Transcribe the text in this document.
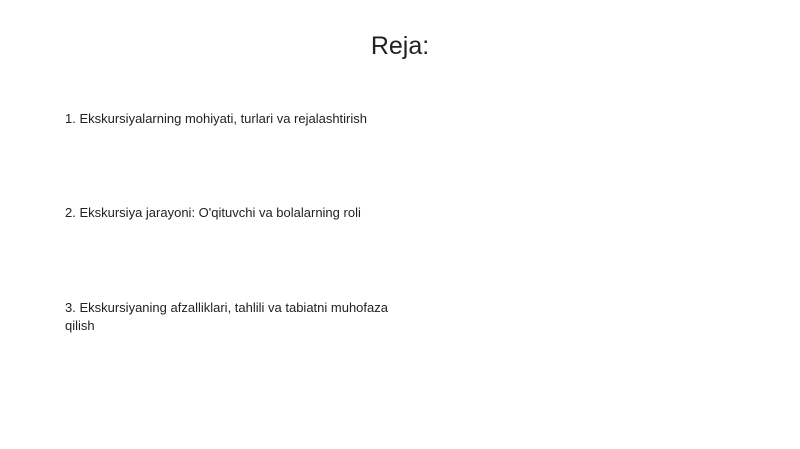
Reja:
1. Ekskursiyalarning mohiyati, turlari va rejalashtirish
2. Ekskursiya jarayoni: O'qituvchi va bolalarning roli
3. Ekskursiyaning afzalliklari, tahlili va tabiatni muhofaza qilish
